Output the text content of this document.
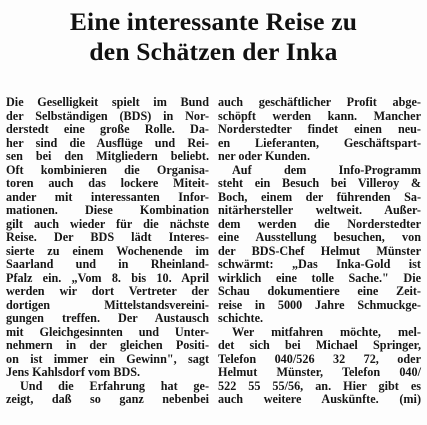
Eine interessante Reise zu
den Schätzen der Inka
Die Geselligkeit spielt im Bund
der Selbständigen (BDS) in Nor-
derstedt eine große Rolle. Da-
her sind die Ausflüge und Rei-
sen bei den Mitgliedern beliebt.
Oft kombinieren die Organisa-
toren auch das lockere Miteit-
ander mit interessanten Infor-
mationen. Diese Kombination
gilt auch wieder für die nächste
Reise. Der BDS lädt Interes-
sierte zu einem Wochenende im
Saarland und in Rheinland-
Pfalz ein. „Vom 8. bis 10. April
werden wir dort Vertreter der
dortigen Mittelstandsvereini-
gungen treffen. Der Austausch
mit Gleichgesinnten und Unter-
nehmern in der gleichen Positi-
on ist immer ein Gewinn", sagt
Jens Kahlsdorf vom BDS.
Und die Erfahrung hat ge-
zeigt, daß so ganz nebenbei
auch geschäftlicher Profit abge-
schöpft werden kann. Mancher
Norderstedter findet einen neu-
en Lieferanten, Geschäftspart-
ner oder Kunden.
Auf dem Info-Programm
steht ein Besuch bei Villeroy &
Boch, einem der führenden Sa-
nitärhersteller weltweit. Außer-
dem werden die Norderstedter
eine Ausstellung besuchen, von
der BDS-Chef Helmut Münster
schwärmt: „Das Inka-Gold ist
wirklich eine tolle Sache." Die
Schau dokumentiere eine Zeit-
reise in 5000 Jahre Schmuckge-
schichte.
Wer mitfahren möchte, mel-
det sich bei Michael Springer,
Telefon 040/526 32 72, oder
Helmut Münster, Telefon 040/
522 55 55/56, an. Hier gibt es
auch weitere Auskünfte. (mi)
